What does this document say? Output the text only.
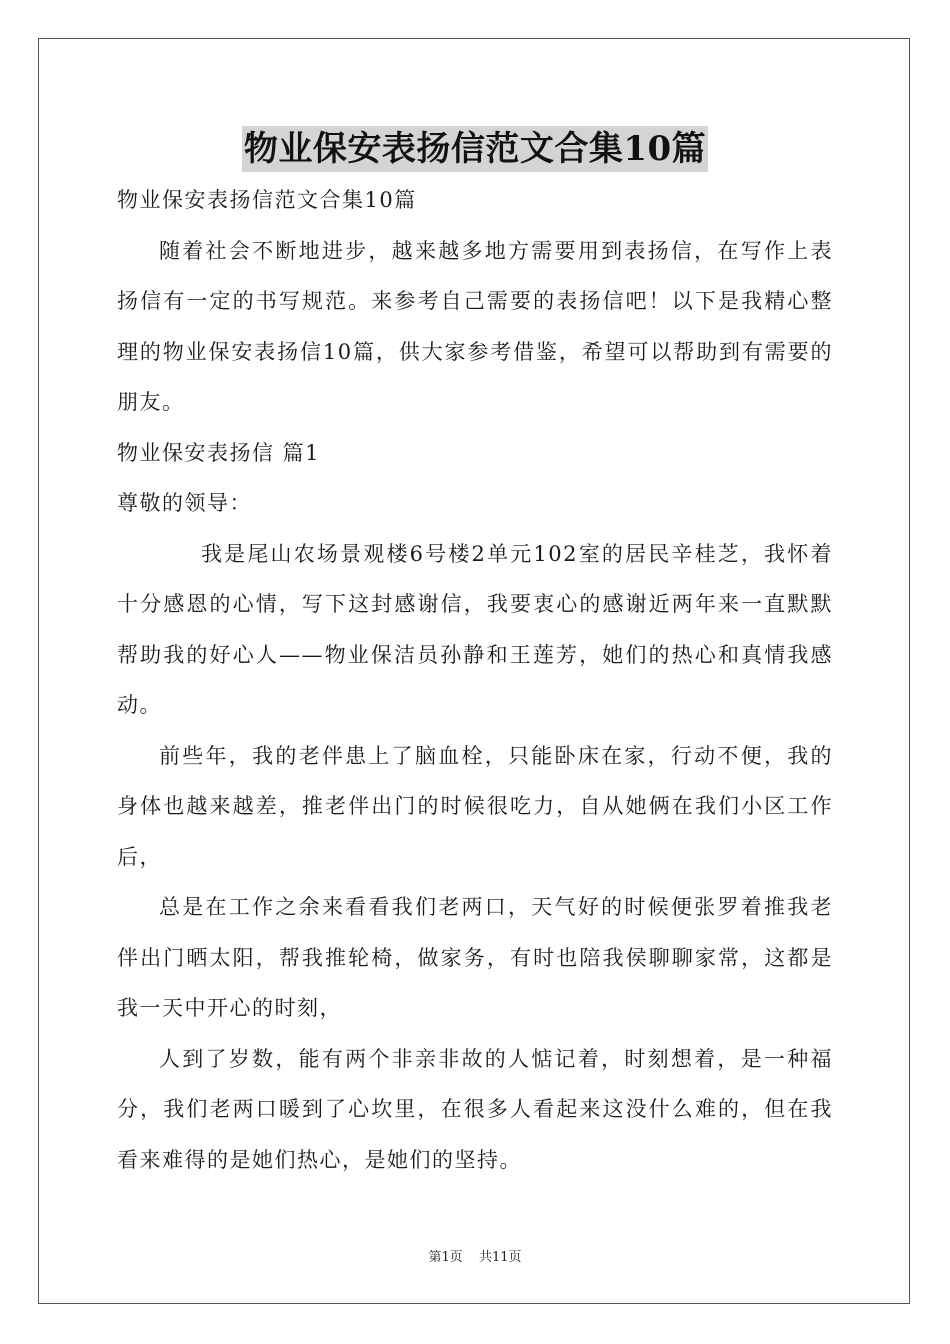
物业保安表扬信范文合集10篇

物业保安表扬信范文合集10篇

随着社会不断地进步，越来越多地方需要用到表扬信，在写作上表扬信有一定的书写规范。来参考自己需要的表扬信吧！以下是我精心整理的物业保安表扬信10篇，供大家参考借鉴，希望可以帮助到有需要的朋友。

物业保安表扬信 篇1

尊敬的领导：

我是尾山农场景观楼6号楼2单元102室的居民辛桂芝，我怀着十分感恩的心情，写下这封感谢信，我要衷心的感谢近两年来一直默默帮助我的好心人——物业保洁员孙静和王莲芳，她们的热心和真情我感动。

前些年，我的老伴患上了脑血栓，只能卧床在家，行动不便，我的身体也越来越差，推老伴出门的时候很吃力，自从她俩在我们小区工作后，

总是在工作之余来看看我们老两口，天气好的时候便张罗着推我老伴出门晒太阳，帮我推轮椅，做家务，有时也陪我侯聊聊家常，这都是我一天中开心的时刻，

人到了岁数，能有两个非亲非故的人惦记着，时刻想着，是一种福分，我们老两口暖到了心坎里，在很多人看起来这没什么难的，但在我看来难得的是她们热心，是她们的坚持。

第1页 共11页
